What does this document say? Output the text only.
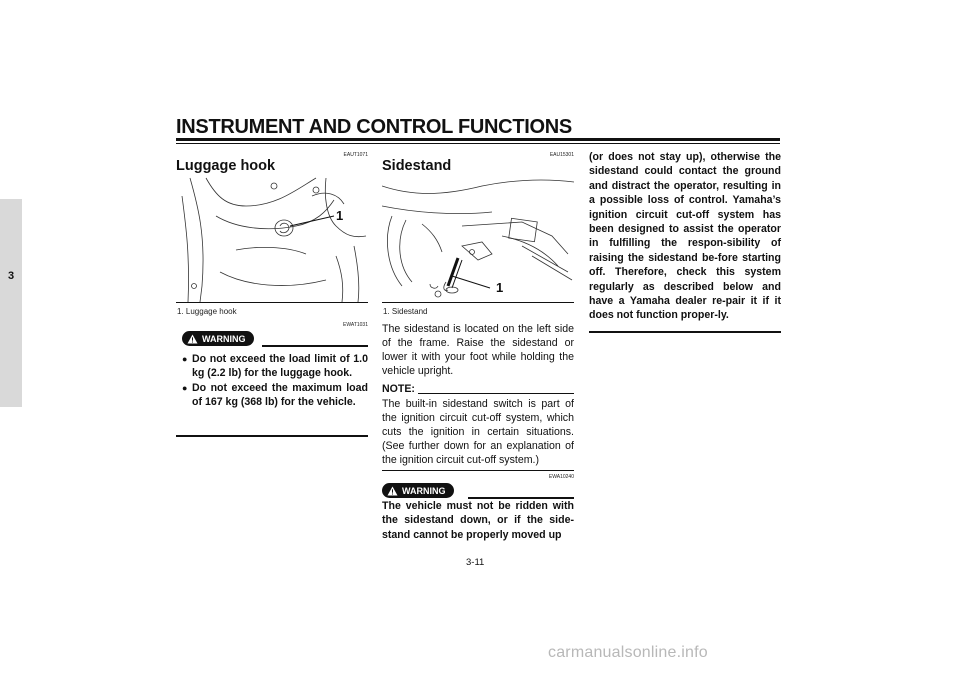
INSTRUMENT AND CONTROL FUNCTIONS
3
EAUT1071
Luggage hook
1
1. Luggage hook
EWAT1031
WARNING
● Do not exceed the load limit of 1.0 kg (2.2 lb) for the luggage hook.
● Do not exceed the maximum load of 167 kg (368 lb) for the vehicle.
EAU15301
Sidestand
1
1. Sidestand
The sidestand is located on the left side of the frame. Raise the sidestand or lower it with your foot while holding the vehicle upright.
NOTE:
The built-in sidestand switch is part of the ignition circuit cut-off system, which cuts the ignition in certain situations. (See further down for an explanation of the ignition circuit cut-off system.)
EWA10240
WARNING
The vehicle must not be ridden with the sidestand down, or if the side-stand cannot be properly moved up
(or does not stay up), otherwise the sidestand could contact the ground and distract the operator, resulting in a possible loss of control. Yamaha’s ignition circuit cut-off system has been designed to assist the operator in fulfilling the respon-sibility of raising the sidestand be-fore starting off. Therefore, check this system regularly as described below and have a Yamaha dealer re-pair it if it does not function proper-ly.
3-11
carmanualsonline.info
